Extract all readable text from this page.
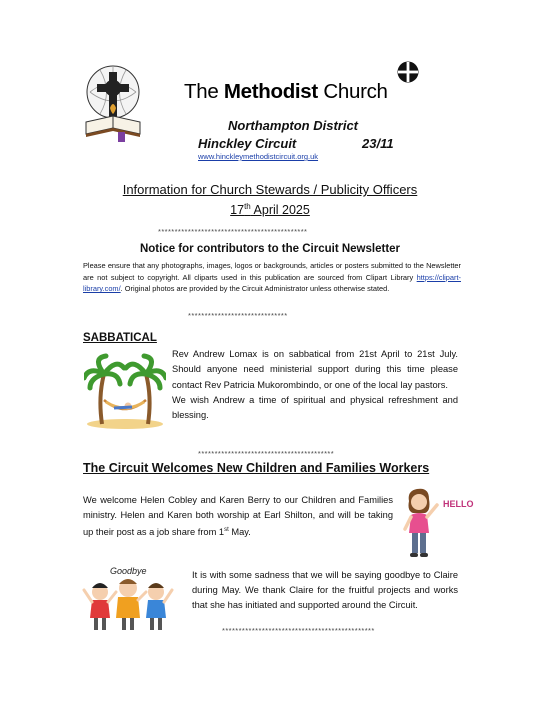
The Methodist Church
Northampton District
Hinckley Circuit	23/11
www.hinckleymethodistcircuit.org.uk
Information for Church Stewards / Publicity Officers
17th April 2025
*********************************************
Notice for contributors to the Circuit Newsletter
Please ensure that any photographs, images, logos or backgrounds, articles or posters submitted to the Newsletter are not subject to copyright. All cliparts used in this publication are sourced from Clipart Library https://clipart-library.com/. Original photos are provided by the Circuit Administrator unless otherwise stated.
******************************
SABBATICAL
Rev Andrew Lomax is on sabbatical from 21st April to 21st July. Should anyone need ministerial support during this time please contact Rev Patricia Mukorombindo, or one of the local lay pastors.
We wish Andrew a time of spiritual and physical refreshment and blessing.
*****************************************
The Circuit Welcomes New Children and Families Workers
We welcome Helen Cobley and Karen Berry to our Children and Families ministry. Helen and Karen both worship at Earl Shilton, and will be taking up their post as a job share from 1st May.
HELLO
Goodbye	It is with some sadness that we will be saying goodbye to Claire during May. We thank Claire for the fruitful projects and works that she has initiated and supported around the Circuit.
**********************************************
